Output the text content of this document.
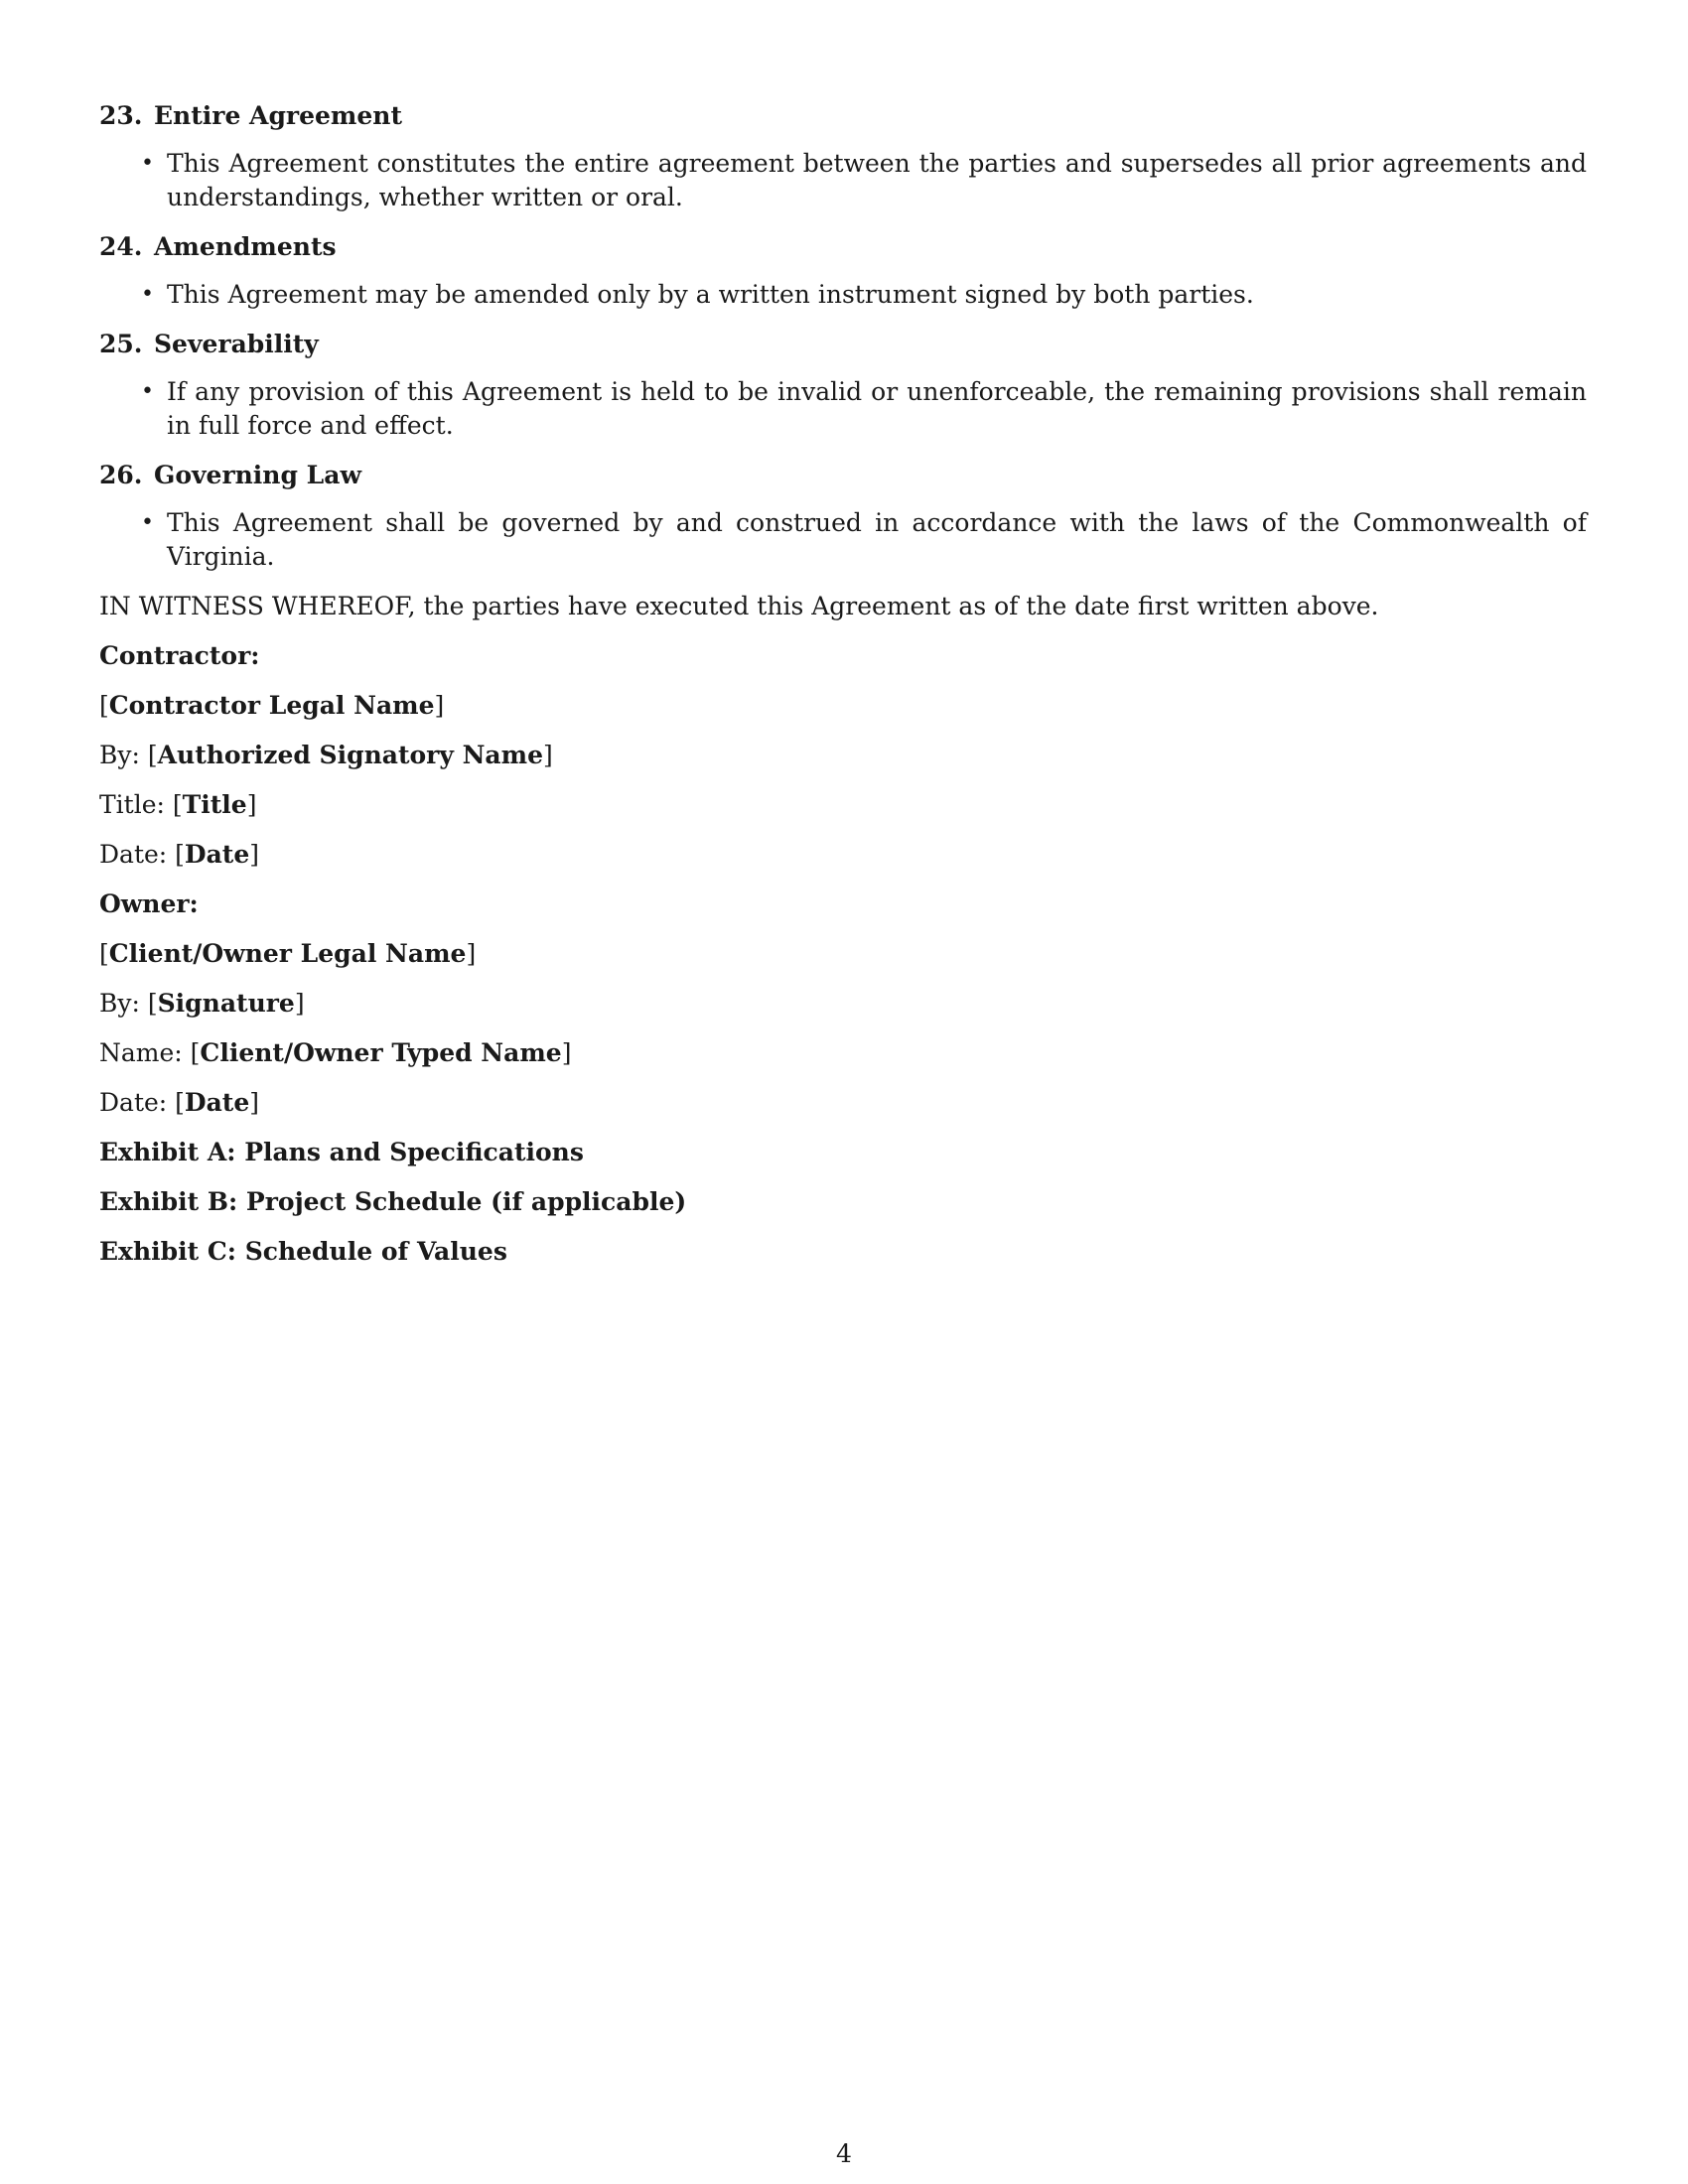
23. Entire Agreement
• This Agreement constitutes the entire agreement between the parties and supersedes all prior agreements and understandings, whether written or oral.
24. Amendments
• This Agreement may be amended only by a written instrument signed by both parties.
25. Severability
• If any provision of this Agreement is held to be invalid or unenforceable, the remaining provisions shall remain in full force and effect.
26. Governing Law
• This Agreement shall be governed by and construed in accordance with the laws of the Commonwealth of Virginia.

IN WITNESS WHEREOF, the parties have executed this Agreement as of the date first written above.

Contractor:

[Contractor Legal Name]

By: [Authorized Signatory Name]

Title: [Title]

Date: [Date]

Owner:

[Client/Owner Legal Name]

By: [Signature]

Name: [Client/Owner Typed Name]

Date: [Date]

Exhibit A: Plans and Specifications

Exhibit B: Project Schedule (if applicable)

Exhibit C: Schedule of Values

4
